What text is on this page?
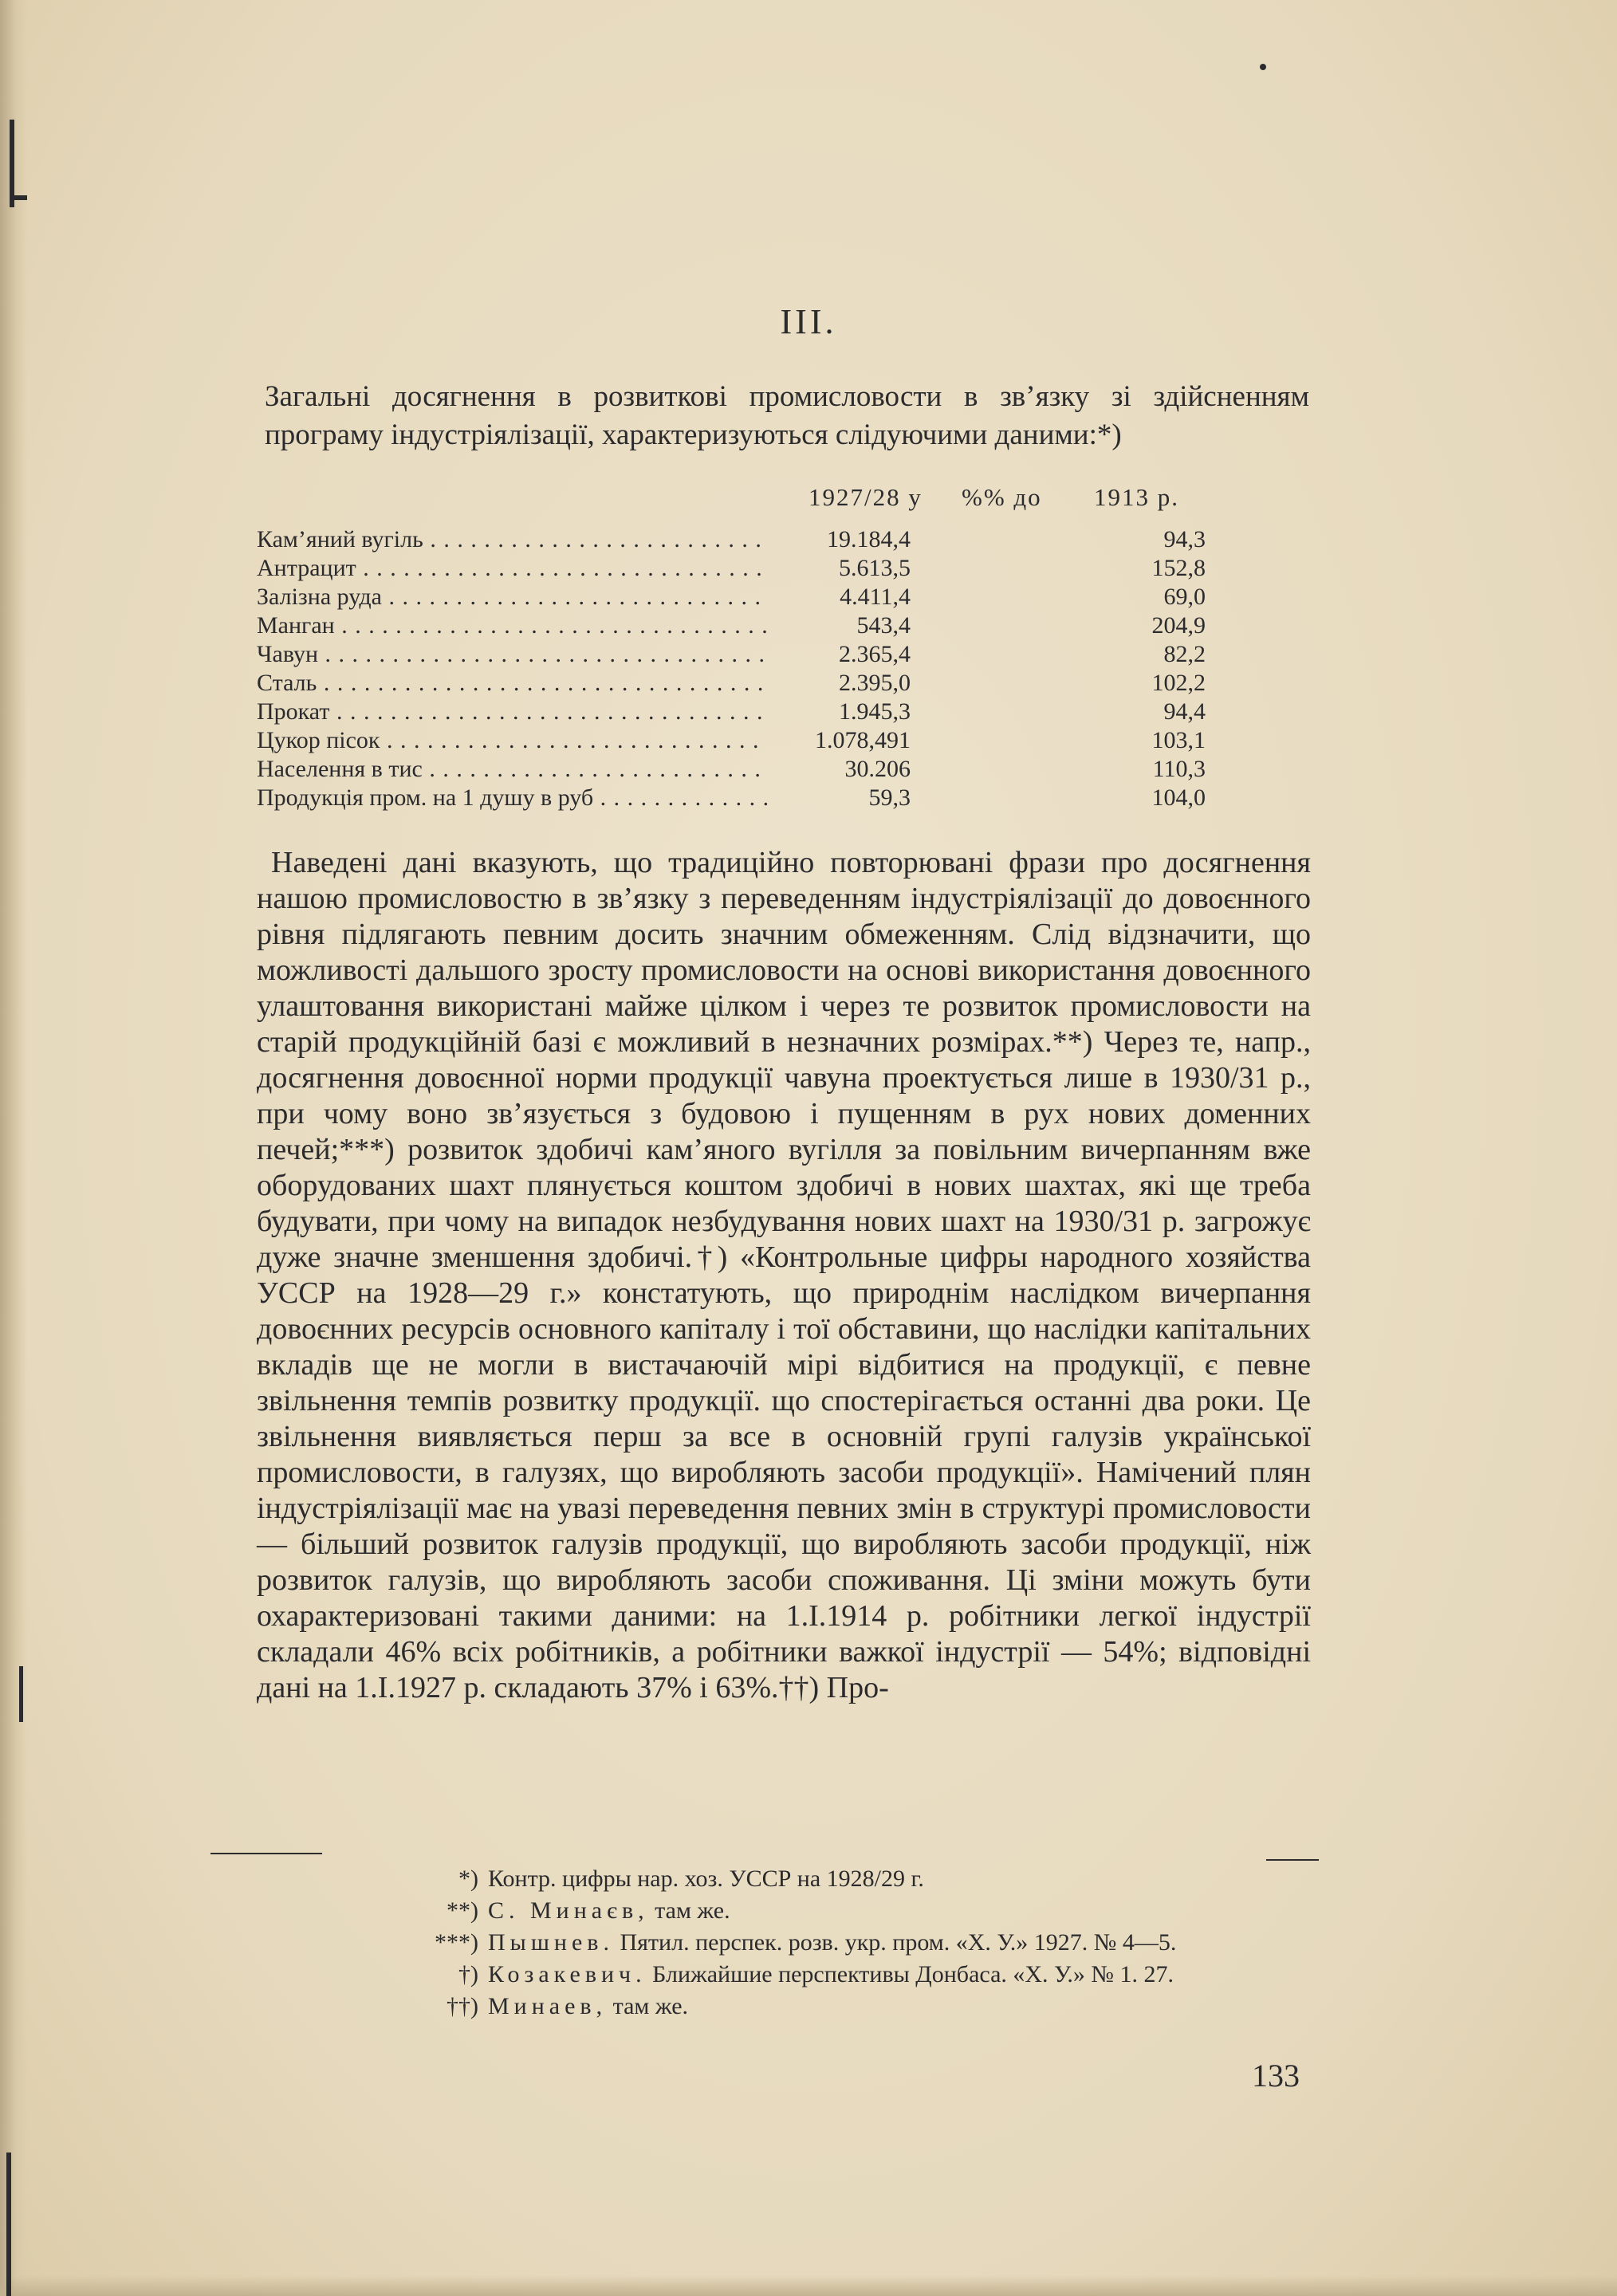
III.

Загальні досягнення в розвиткові промисловости в зв’язку зі здійсненням програму індустріялізації, характеризуються слідуючими даними:*)

1927/28 у %% до 1913 р.
Кам’яний вугіль . . .	19.184,4	94,3
Антрацит . . .	5.613,5	152,8
Залізна руда . . .	4.411,4	69,0
Манган . . .	543,4	204,9
Чавун . . .	2.365,4	82,2
Сталь . . .	2.395,0	102,2
Прокат . . .	1.945,3	94,4
Цукор пісок . . .	1.078,491	103,1
Населення в тис . . .	30.206	110,3
Продукція пром. на 1 душу в руб . . .	59,3	104,0

Наведені дані вказують, що традиційно повторювані фрази про досягнення нашою промисловостю в зв’язку з переведенням індустріялізації до довоєнного рівня підлягають певним досить значним обмеженням. Слід відзначити, що можливості дальшого зросту промисловости на основі використання довоєнного улаштовання використані майже цілком і через те розвиток промисловости на старій продукційній базі є можливий в незначних розмірах.**) Через те, напр., досягнення довоєнної норми продукції чавуна проектується лише в 1930/31 р., при чому воно зв’язується з будовою і пущенням в рух нових доменних печей;***) розвиток здобичі кам’яного вугілля за повільним вичерпанням вже оборудованих шахт плянується коштом здобичі в нових шахтах, які ще треба будувати, при чому на випадок незбудування нових шахт на 1930/31 р. загрожує дуже значне зменшення здобичі.†) «Контрольные цифры народного хозяйства УССР на 1928—29 г.» констатують, що природнім наслідком вичерпання довоєнних ресурсів основного капіталу і тої обставини, що наслідки капітальних вкладів ще не могли в вистачаючій мірі відбитися на продукції, є певне звільнення темпів розвитку продукції. що спостерігається останні два роки. Це звільнення виявляється перш за все в основній групі галузів української промисловости, в галузях, що виробляють засоби продукції». Намічений плян індустріялізації має на увазі переведення певних змін в структурі промисловости — більший розвиток галузів продукції, що виробляють засоби продукції, ніж розвиток галузів, що виробляють засоби споживання. Ці зміни можуть бути охарактеризовані такими даними: на 1.I.1914 р. робітники легкої індустрії складали 46% всіх робітників, а робітники важкої індустрії — 54%; відповідні дані на 1.I.1927 р. складають 37% і 63%.††) Про-

*) Контр. цифры нар. хоз. УССР на 1928/29 г.
**) С. Минаєв, там же.
***) Пышнев. Пятил. перспек. розв. укр. пром. «Х. У.» 1927. № 4—5.
†) Козакевич. Ближайшие перспективы Донбаса. «Х. У.» № 1. 27.
††) Минаев, там же.
133
